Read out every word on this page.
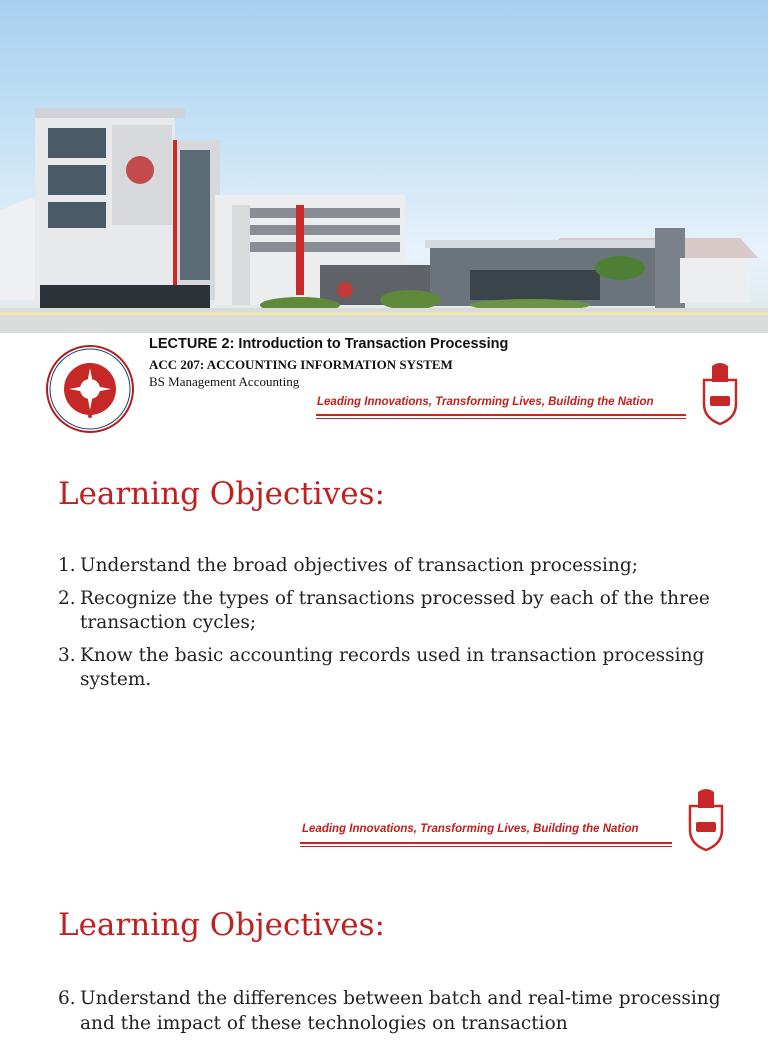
LECTURE 2: Introduction to Transaction Processing
ACC 207: ACCOUNTING INFORMATION SYSTEM
BS Management Accounting
Leading Innovations, Transforming Lives, Building the Nation
Learning Objectives:
1. Understand the broad objectives of transaction processing;
2. Recognize the types of transactions processed by each of the three transaction cycles;
3. Know the basic accounting records used in transaction processing system.
Leading Innovations, Transforming Lives, Building the Nation
Learning Objectives:
6. Understand the differences between batch and real-time processing and the impact of these technologies on transaction
